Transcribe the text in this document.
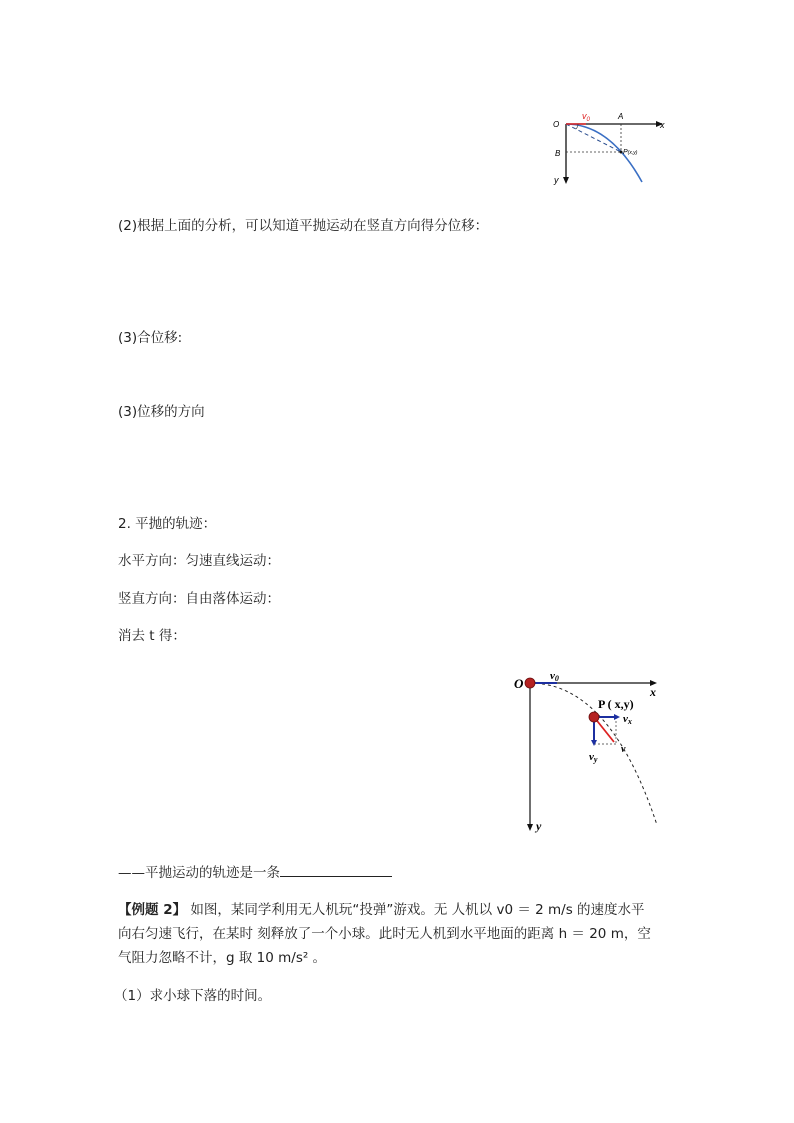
O
A
x
B
y
$v_0$
P(x,y)
(2)根据上面的分析，可以知道平抛运动在竖直方向得分位移：
(3)合位移:
(3)位移的方向
2. 平抛的轨迹：
水平方向：匀速直线运动：
竖直方向：自由落体运动：
消去 t 得：
O
x
y
v0
P ( x,y)
vx
vy
v
——平抛运动的轨迹是一条
【例题 2】 如图，某同学利用无人机玩“投弹”游戏。无 人机以 v0 ＝ 2 m/s 的速度水平
向右匀速飞行，在某时 刻释放了一个小球。此时无人机到水平地面的距离 h ＝ 20 m，空
气阻力忽略不计，g 取 10 m/s² 。
（1）求小球下落的时间。
